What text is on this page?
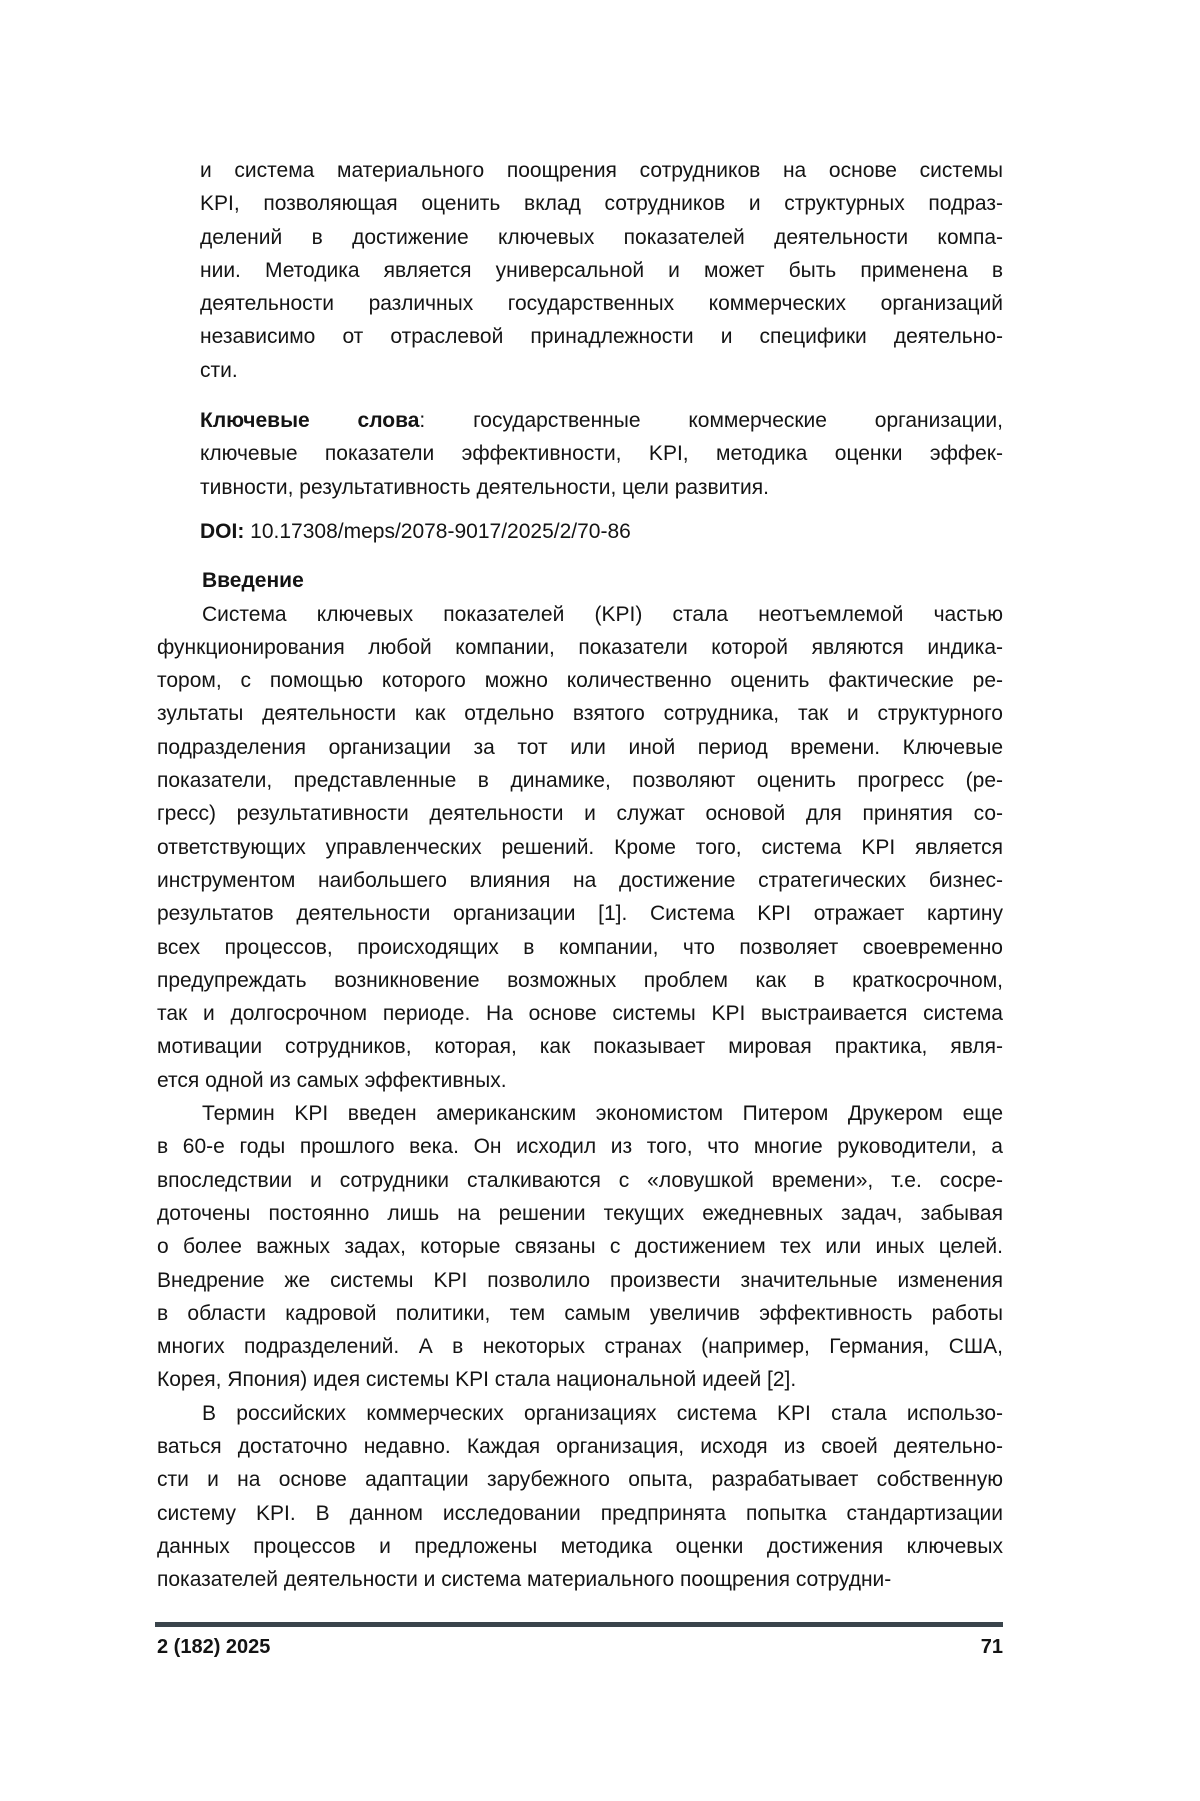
и система материального поощрения сотрудников на основе системы
KPI, позволяющая оценить вклад сотрудников и структурных подраз-
делений в достижение ключевых показателей деятельности компа-
нии. Методика является универсальной и может быть применена в
деятельности различных государственных коммерческих организаций
независимо от отраслевой принадлежности и специфики деятельно-
сти.
Ключевые слова: государственные коммерческие организации,
ключевые показатели эффективности, KPI, методика оценки эффек-
тивности, результативность деятельности, цели развития.
DOI: 10.17308/meps/2078-9017/2025/2/70-86
Введение
Система ключевых показателей (KPI) стала неотъемлемой частью
функционирования любой компании, показатели которой являются индика-
тором, с помощью которого можно количественно оценить фактические ре-
зультаты деятельности как отдельно взятого сотрудника, так и структурного
подразделения организации за тот или иной период времени. Ключевые
показатели, представленные в динамике, позволяют оценить прогресс (ре-
гресс) результативности деятельности и служат основой для принятия со-
ответствующих управленческих решений. Кроме того, система KPI является
инструментом наибольшего влияния на достижение стратегических бизнес-
результатов деятельности организации [1]. Система KPI отражает картину
всех процессов, происходящих в компании, что позволяет своевременно
предупреждать возникновение возможных проблем как в краткосрочном,
так и долгосрочном периоде. На основе системы KPI выстраивается система
мотивации сотрудников, которая, как показывает мировая практика, явля-
ется одной из самых эффективных.
Термин KPI введен американским экономистом Питером Друкером еще
в 60-е годы прошлого века. Он исходил из того, что многие руководители, а
впоследствии и сотрудники сталкиваются с «ловушкой времени», т.е. сосре-
доточены постоянно лишь на решении текущих ежедневных задач, забывая
о более важных задах, которые связаны с достижением тех или иных целей.
Внедрение же системы KPI позволило произвести значительные изменения
в области кадровой политики, тем самым увеличив эффективность работы
многих подразделений. А в некоторых странах (например, Германия, США,
Корея, Япония) идея системы KPI стала национальной идеей [2].
В российских коммерческих организациях система KPI стала использо-
ваться достаточно недавно. Каждая организация, исходя из своей деятельно-
сти и на основе адаптации зарубежного опыта, разрабатывает собственную
систему KPI. В данном исследовании предпринята попытка стандартизации
данных процессов и предложены методика оценки достижения ключевых
показателей деятельности и система материального поощрения сотрудни-
2 (182) 2025	71
